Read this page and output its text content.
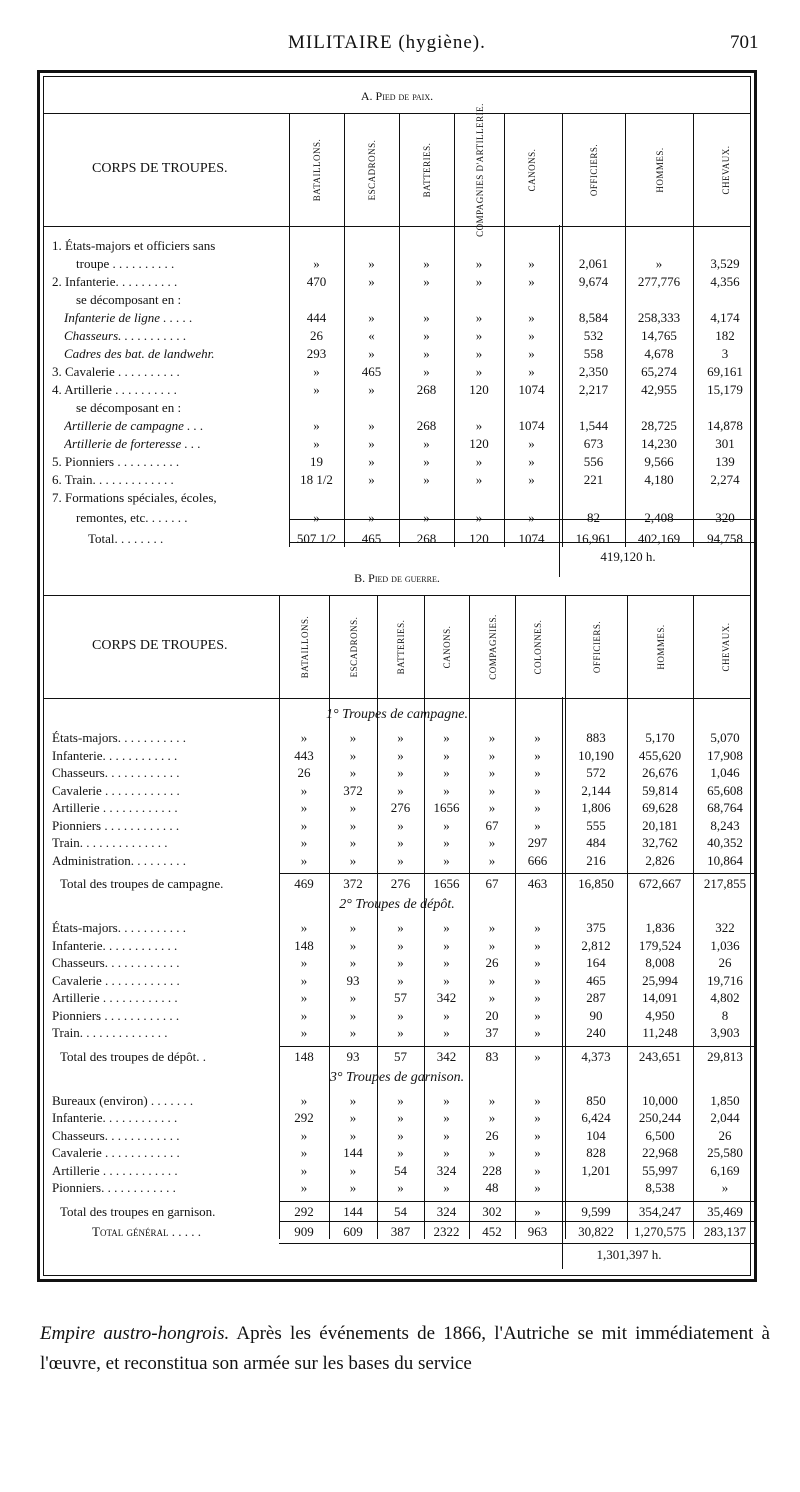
MILITAIRE (hygiène).	701
A. Pied de paix.
CORPS DE TROUPES.	BATAILLONS.	ESCADRONS.	BATTERIES.	COMPAGNIES D'ARTILLERIE.	CANONS.	OFFICIERS.	HOMMES.	CHEVAUX.
1. États-majors et officiers sans
troupe . . . . . . . . . .	»	»	»	»	»	2,061	»	3,529
2. Infanterie. . . . . . . . . .	470	»	»	»	»	9,674	277,776	4,356
se décomposant en :
Infanterie de ligne . . . . .	444	»	»	»	»	8,584	258,333	4,174
Chasseurs. . . . . . . . . . .	26	«	»	»	»	532	14,765	182
Cadres des bat. de landwehr.	293	»	»	»	»	558	4,678	3
3. Cavalerie . . . . . . . . . .	»	465	»	»	»	2,350	65,274	69,161
4. Artillerie . . . . . . . . . .	»	»	268	120	1074	2,217	42,955	15,179
se décomposant en :
Artillerie de campagne . . .	»	»	268	»	1074	1,544	28,725	14,878
Artillerie de forteresse . . .	»	»	»	120	»	673	14,230	301
5. Pionniers . . . . . . . . . .	19	»	»	»	»	556	9,566	139
6. Train. . . . . . . . . . . . .	18 1/2	»	»	»	»	221	4,180	2,274
7. Formations spéciales, écoles,
remontes, etc. . . . . . .	»	»	»	»	»	82	2,408	320
Total. . . . . . . .	507 1/2	465	268	120	1074	16,961	402,169	94,758
419,120 h.
B. Pied de guerre.
CORPS DE TROUPES.	BATAILLONS.	ESCADRONS.	BATTERIES.	CANONS.	COMPAGNIES.	COLONNES.	OFFICIERS.	HOMMES.	CHEVAUX.
1° Troupes de campagne.
États-majors. . . . . . . . . . .	»	»	»	»	»	»	883	5,170	5,070
Infanterie. . . . . . . . . . . .	443	»	»	»	»	»	10,190	455,620	17,908
Chasseurs. . . . . . . . . . . .	26	»	»	»	»	»	572	26,676	1,046
Cavalerie . . . . . . . . . . . .	»	372	»	»	»	»	2,144	59,814	65,608
Artillerie . . . . . . . . . . . .	»	»	276	1656	»	»	1,806	69,628	68,764
Pionniers . . . . . . . . . . . .	»	»	»	»	67	»	555	20,181	8,243
Train. . . . . . . . . . . . . .	»	»	»	»	»	297	484	32,762	40,352
Administration. . . . . . . . .	»	»	»	»	»	666	216	2,826	10,864
Total des troupes de campagne.	469	372	276	1656	67	463	16,850	672,667	217,855
2° Troupes de dépôt.
États-majors. . . . . . . . . . .	»	»	»	»	»	»	375	1,836	322
Infanterie. . . . . . . . . . . .	148	»	»	»	»	»	2,812	179,524	1,036
Chasseurs. . . . . . . . . . . .	»	»	»	»	26	»	164	8,008	26
Cavalerie . . . . . . . . . . . .	»	93	»	»	»	»	465	25,994	19,716
Artillerie . . . . . . . . . . . .	»	»	57	342	»	»	287	14,091	4,802
Pionniers . . . . . . . . . . . .	»	»	»	»	20	»	90	4,950	8
Train. . . . . . . . . . . . . .	»	»	»	»	37	»	240	11,248	3,903
Total des troupes de dépôt. .	148	93	57	342	83	»	4,373	243,651	29,813
3° Troupes de garnison.
Bureaux (environ) . . . . . . .	»	»	»	»	»	»	850	10,000	1,850
Infanterie. . . . . . . . . . . .	292	»	»	»	»	»	6,424	250,244	2,044
Chasseurs. . . . . . . . . . . .	»	»	»	»	26	»	104	6,500	26
Cavalerie . . . . . . . . . . . .	»	144	»	»	»	»	828	22,968	25,580
Artillerie . . . . . . . . . . . .	»	»	54	324	228	»	1,201	55,997	6,169
Pionniers. . . . . . . . . . . .	»	»	»	»	48	»	8,538	»
Total des troupes en garnison.	292	144	54	324	302	»	9,599	354,247	35,469
Total général . . . . .	909	609	387	2322	452	963	30,822	1,270,575	283,137
1,301,397 h.

Empire austro-hongrois. Après les événements de 1866, l'Autriche se mit immédiatement à l'œuvre, et reconstitua son armée sur les bases du service
